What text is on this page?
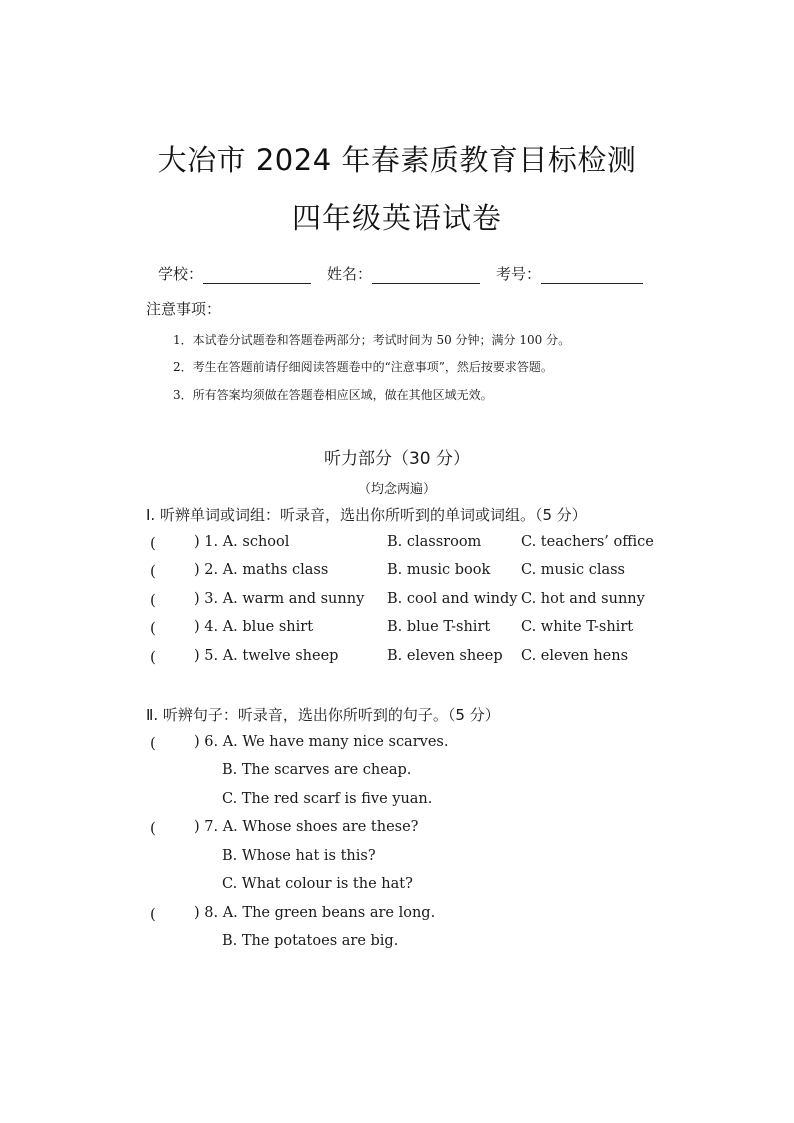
大冶市 2024 年春素质教育目标检测
四年级英语试卷
学校：	姓名：	考号：
注意事项：
1．本试卷分试题卷和答题卷两部分；考试时间为 50 分钟；满分 100 分。
2．考生在答题前请仔细阅读答题卷中的“注意事项”，然后按要求答题。
3．所有答案均须做在答题卷相应区域，做在其他区域无效。
听力部分（30 分）
（均念两遍）
Ⅰ. 听辨单词或词组：听录音，选出你所听到的单词或词组。（5 分）
(	) 1. A. school	B. classroom	C. teachers’ office
(	) 2. A. maths class	B. music book C. music class
(	) 3. A. warm and sunny B. cool and windy C. hot and sunny
(	) 4. A. blue shirt	B. blue T-shirt C. white T-shirt
(	) 5. A. twelve sheep	B. eleven sheep C. eleven hens
Ⅱ. 听辨句子：听录音，选出你所听到的句子。（5 分）
(	) 6. A. We have many nice scarves.
B. The scarves are cheap.
C. The red scarf is five yuan.
(	) 7. A. Whose shoes are these?
B. Whose hat is this?
C. What colour is the hat?
(	) 8. A. The green beans are long.
B. The potatoes are big.
